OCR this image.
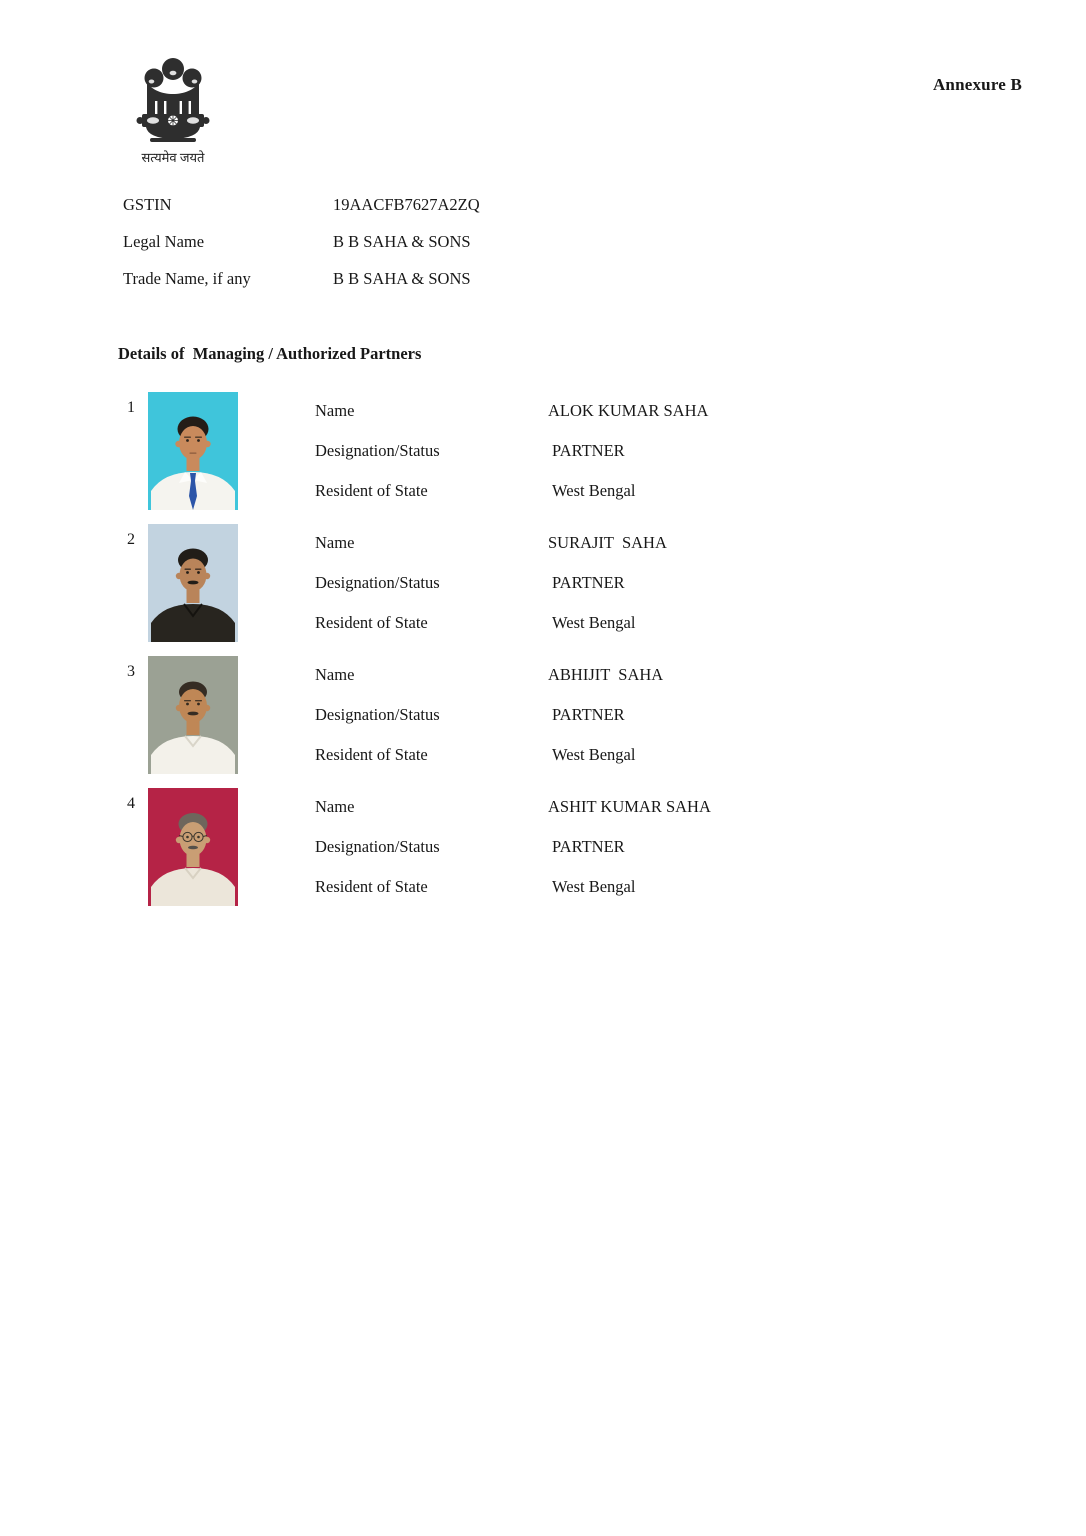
Annexure B
सत्यमेव जयते
GSTIN	19AACFB7627A2ZQ
Legal Name	B B SAHA & SONS
Trade Name, if any	B B SAHA & SONS
Details of  Managing / Authorized Partners
1	Name	ALOK KUMAR SAHA
Designation/Status	PARTNER
Resident of State	West Bengal
2	Name	SURAJIT  SAHA
Designation/Status	PARTNER
Resident of State	West Bengal
3	Name	ABHIJIT  SAHA
Designation/Status	PARTNER
Resident of State	West Bengal
4	Name	ASHIT KUMAR SAHA
Designation/Status	PARTNER
Resident of State	West Bengal
